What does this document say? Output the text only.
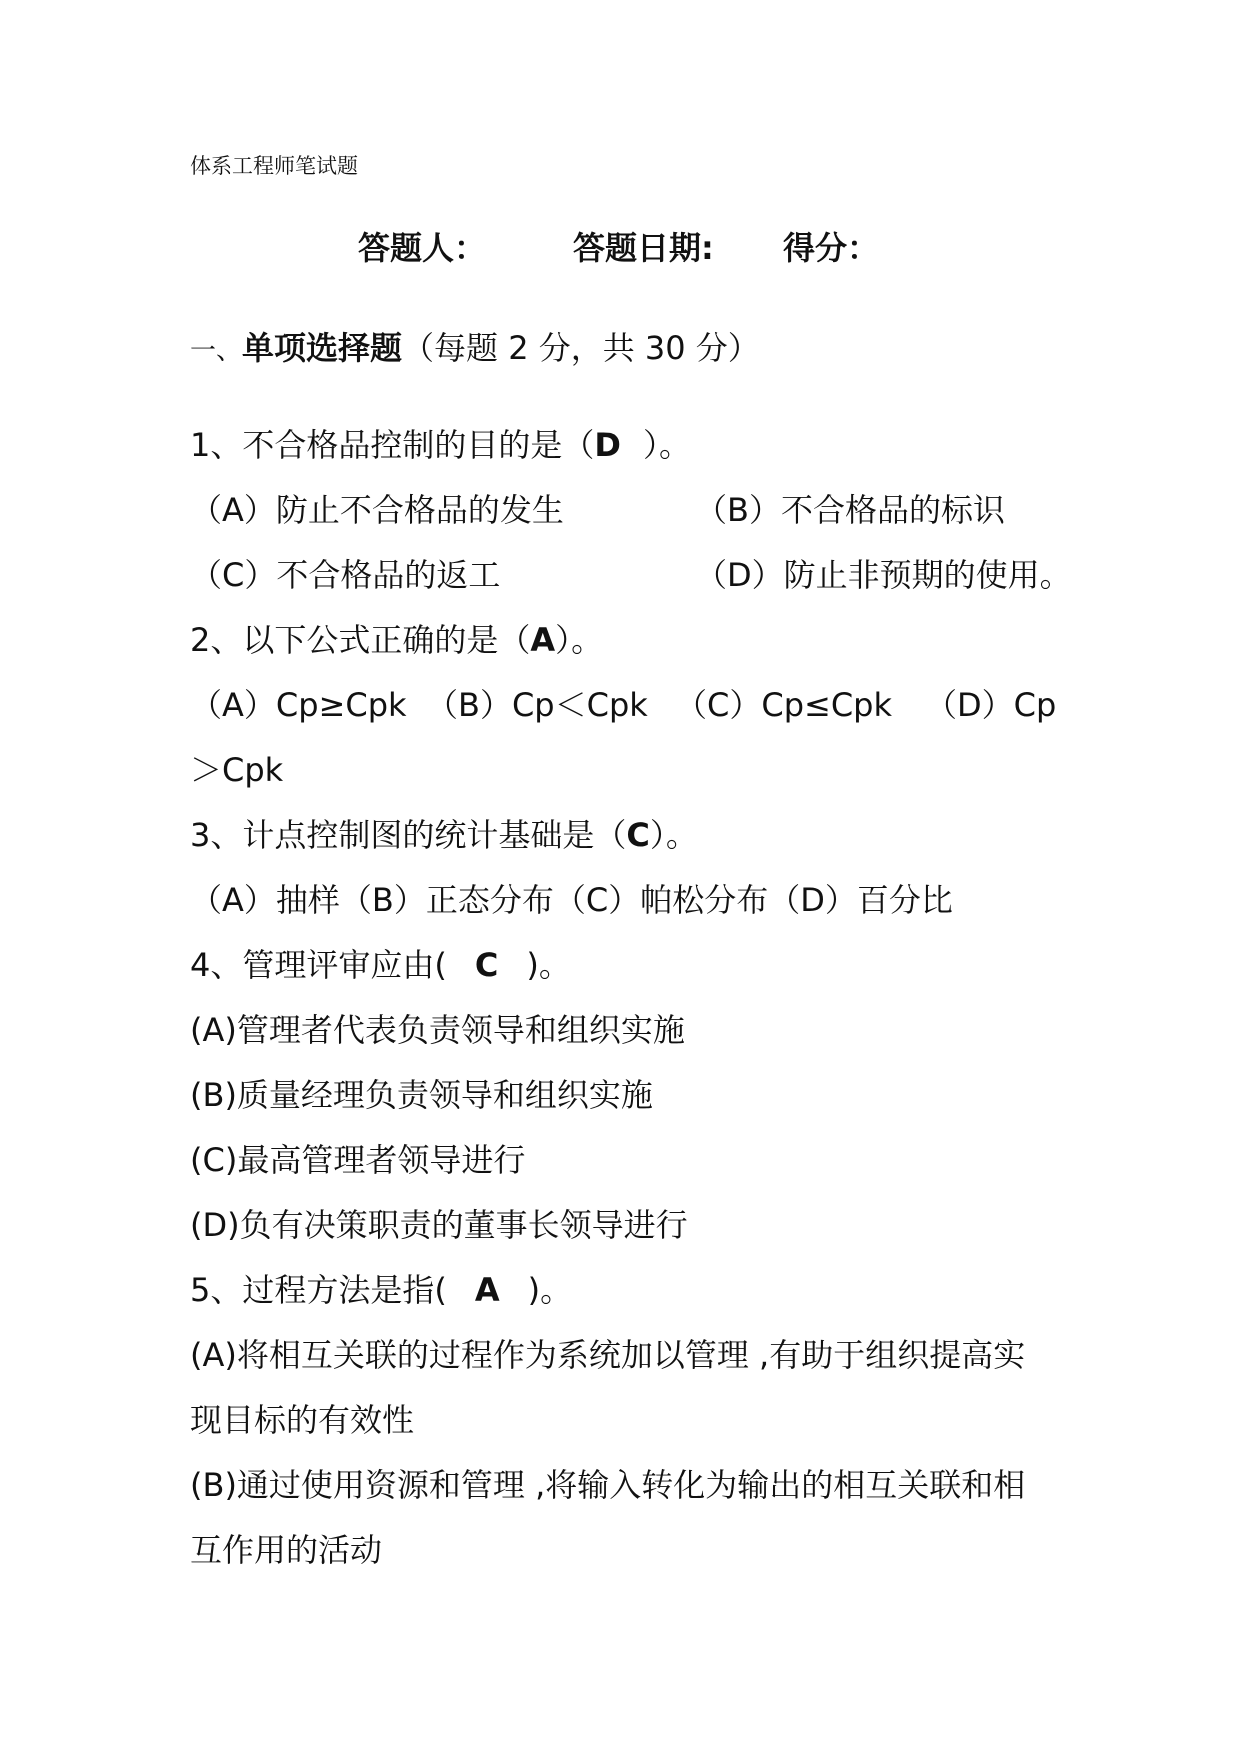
体系工程师笔试题
答题人：	答题日期: 得分：
一、单项选择题（每题 2 分，共 30 分）
1、不合格品控制的目的是（D ）。
（A）防止不合格品的发生	（B）不合格品的标识
（C）不合格品的返工	（D）防止非预期的使用。
2、以下公式正确的是（A）。
（A）Cp≥Cpk （B）Cp＜Cpk （C）Cp≤Cpk （D）Cp
＞Cpk
3、计点控制图的统计基础是（C）。
（A）抽样（B）正态分布（C）帕松分布（D）百分比
4、管理评审应由( C )。
(A)管理者代表负责领导和组织实施
(B)质量经理负责领导和组织实施
(C)最高管理者领导进行
(D)负有决策职责的董事长领导进行
5、过程方法是指( A )。
(A)将相互关联的过程作为系统加以管理 ,有助于组织提高实
现目标的有效性
(B)通过使用资源和管理 ,将输入转化为输出的相互关联和相
互作用的活动
